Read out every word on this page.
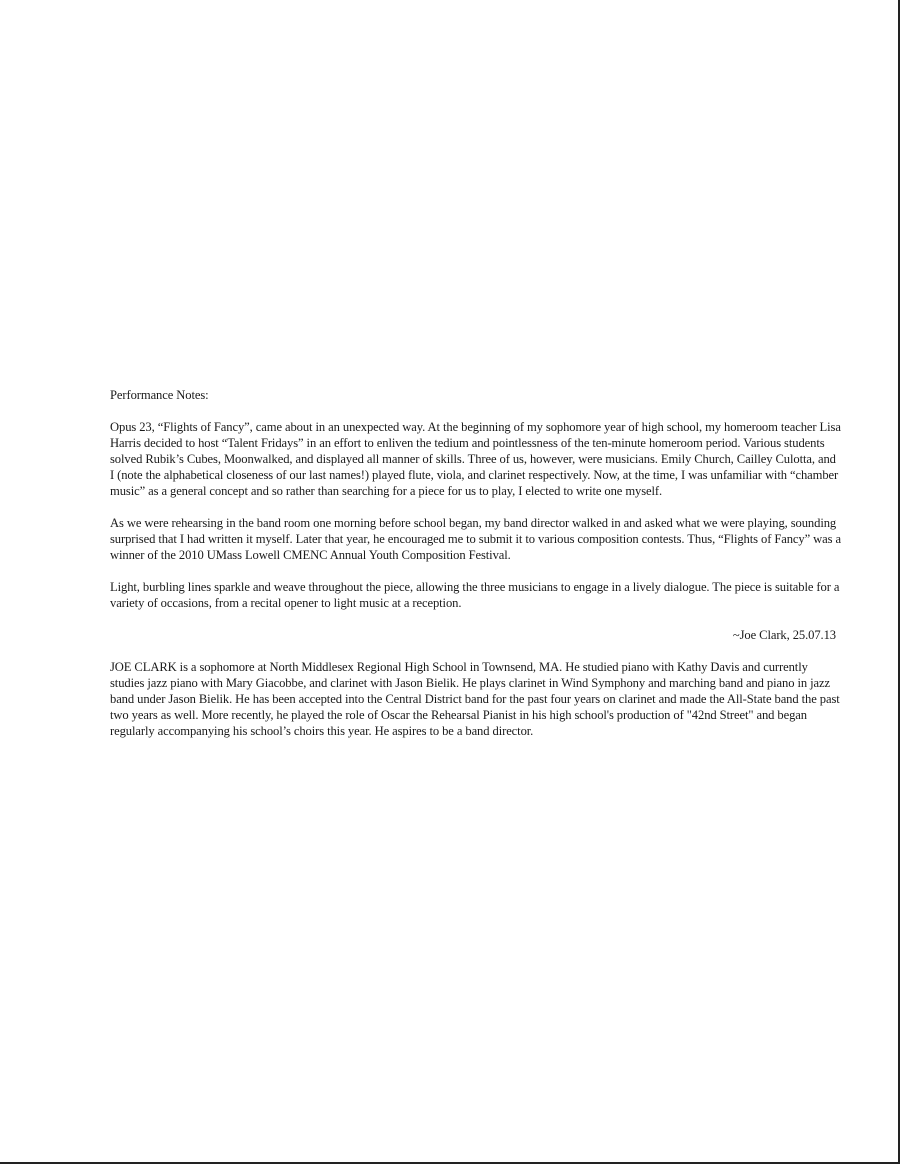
Performance Notes:

Opus 23, “Flights of Fancy”, came about in an unexpected way. At the beginning of my sophomore year of high school, my homeroom teacher Lisa Harris decided to host “Talent Fridays” in an effort to enliven the tedium and pointlessness of the ten-minute homeroom period. Various students solved Rubik’s Cubes, Moonwalked, and displayed all manner of skills. Three of us, however, were musicians. Emily Church, Cailley Culotta, and I (note the alphabetical closeness of our last names!) played flute, viola, and clarinet respectively. Now, at the time, I was unfamiliar with “chamber music” as a general concept and so rather than searching for a piece for us to play, I elected to write one myself.

As we were rehearsing in the band room one morning before school began, my band director walked in and asked what we were playing, sounding surprised that I had written it myself. Later that year, he encouraged me to submit it to various composition contests. Thus, “Flights of Fancy” was a winner of the 2010 UMass Lowell CMENC Annual Youth Composition Festival.

Light, burbling lines sparkle and weave throughout the piece, allowing the three musicians to engage in a lively dialogue. The piece is suitable for a variety of occasions, from a recital opener to light music at a reception.

~Joe Clark, 25.07.13

JOE CLARK is a sophomore at North Middlesex Regional High School in Townsend, MA. He studied piano with Kathy Davis and currently studies jazz piano with Mary Giacobbe, and clarinet with Jason Bielik. He plays clarinet in Wind Symphony and marching band and piano in jazz band under Jason Bielik. He has been accepted into the Central District band for the past four years on clarinet and made the All-State band the past two years as well. More recently, he played the role of Oscar the Rehearsal Pianist in his high school's production of "42nd Street" and began regularly accompanying his school’s choirs this year. He aspires to be a band director.
